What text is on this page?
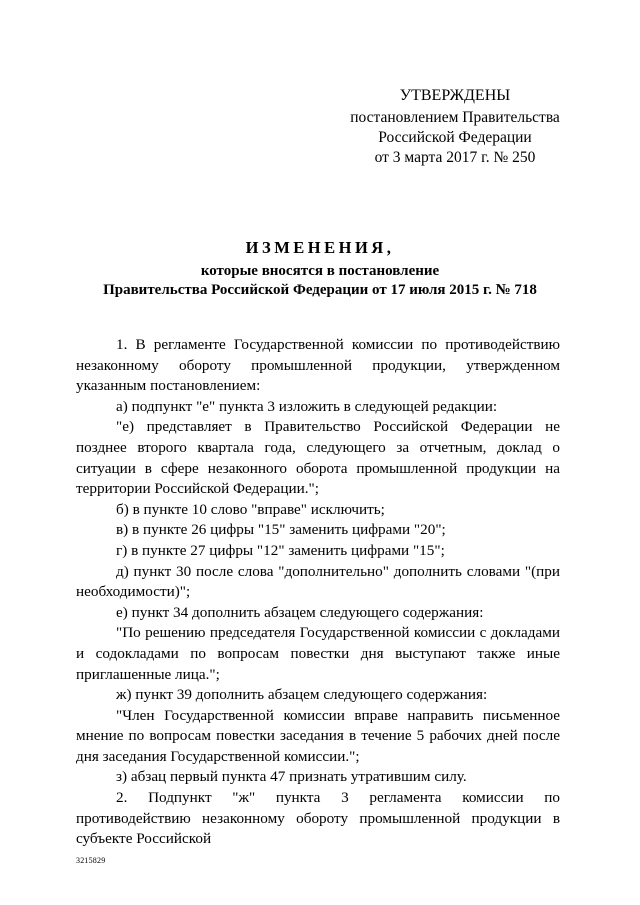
УТВЕРЖДЕНЫ
постановлением Правительства
Российской Федерации
от 3 марта 2017 г. № 250
ИЗМЕНЕНИЯ,
которые вносятся в постановление
Правительства Российской Федерации от 17 июля 2015 г. № 718

1. В регламенте Государственной комиссии по противодействию незаконному обороту промышленной продукции, утвержденном указанным постановлением:

а) подпункт "е" пункта 3 изложить в следующей редакции:

"е) представляет в Правительство Российской Федерации не позднее второго квартала года, следующего за отчетным, доклад о ситуации в сфере незаконного оборота промышленной продукции на территории Российской Федерации.";

б) в пункте 10 слово "вправе" исключить;

в) в пункте 26 цифры "15" заменить цифрами "20";

г) в пункте 27 цифры "12" заменить цифрами "15";

д) пункт 30 после слова "дополнительно" дополнить словами "(при необходимости)";

е) пункт 34 дополнить абзацем следующего содержания:

"По решению председателя Государственной комиссии с докладами и содокладами по вопросам повестки дня выступают также иные приглашенные лица.";

ж) пункт 39 дополнить абзацем следующего содержания:

"Член Государственной комиссии вправе направить письменное мнение по вопросам повестки заседания в течение 5 рабочих дней после дня заседания Государственной комиссии.";

з) абзац первый пункта 47 признать утратившим силу.

2. Подпункт "ж" пункта 3 регламента комиссии по противодействию незаконному обороту промышленной продукции в субъекте Российской

3215829
